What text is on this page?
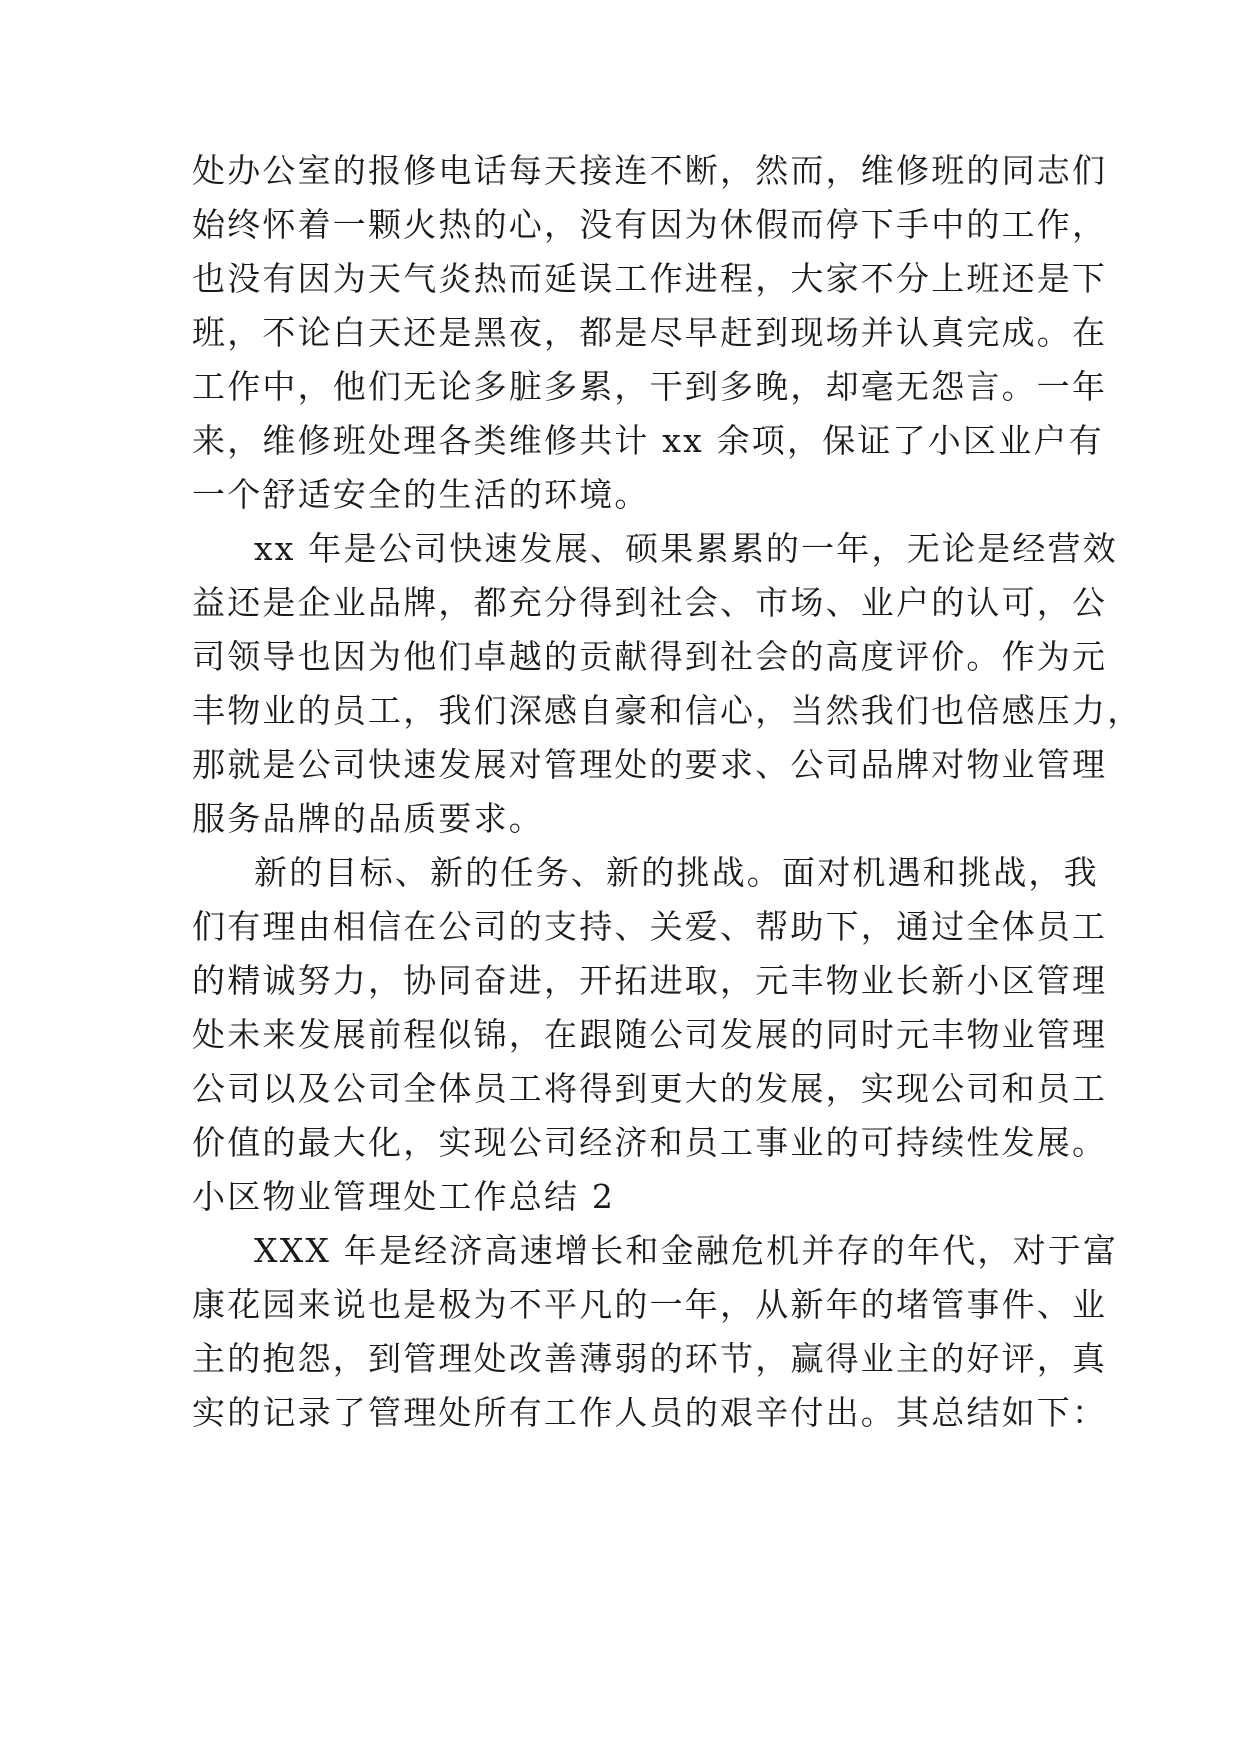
处办公室的报修电话每天接连不断，然而，维修班的同志们
始终怀着一颗火热的心，没有因为休假而停下手中的工作，
也没有因为天气炎热而延误工作进程，大家不分上班还是下
班，不论白天还是黑夜，都是尽早赶到现场并认真完成。在
工作中，他们无论多脏多累，干到多晚，却毫无怨言。一年
来，维修班处理各类维修共计 xx 余项，保证了小区业户有
一个舒适安全的生活的环境。
xx 年是公司快速发展、硕果累累的一年，无论是经营效
益还是企业品牌，都充分得到社会、市场、业户的认可，公
司领导也因为他们卓越的贡献得到社会的高度评价。作为元
丰物业的员工，我们深感自豪和信心，当然我们也倍感压力，
那就是公司快速发展对管理处的要求、公司品牌对物业管理
服务品牌的品质要求。
新的目标、新的任务、新的挑战。面对机遇和挑战，我
们有理由相信在公司的支持、关爱、帮助下，通过全体员工
的精诚努力，协同奋进，开拓进取，元丰物业长新小区管理
处未来发展前程似锦，在跟随公司发展的同时元丰物业管理
公司以及公司全体员工将得到更大的发展，实现公司和员工
价值的最大化，实现公司经济和员工事业的可持续性发展。
小区物业管理处工作总结 2
XXX 年是经济高速增长和金融危机并存的年代，对于富
康花园来说也是极为不平凡的一年，从新年的堵管事件、业
主的抱怨，到管理处改善薄弱的环节，赢得业主的好评，真
实的记录了管理处所有工作人员的艰辛付出。其总结如下：
